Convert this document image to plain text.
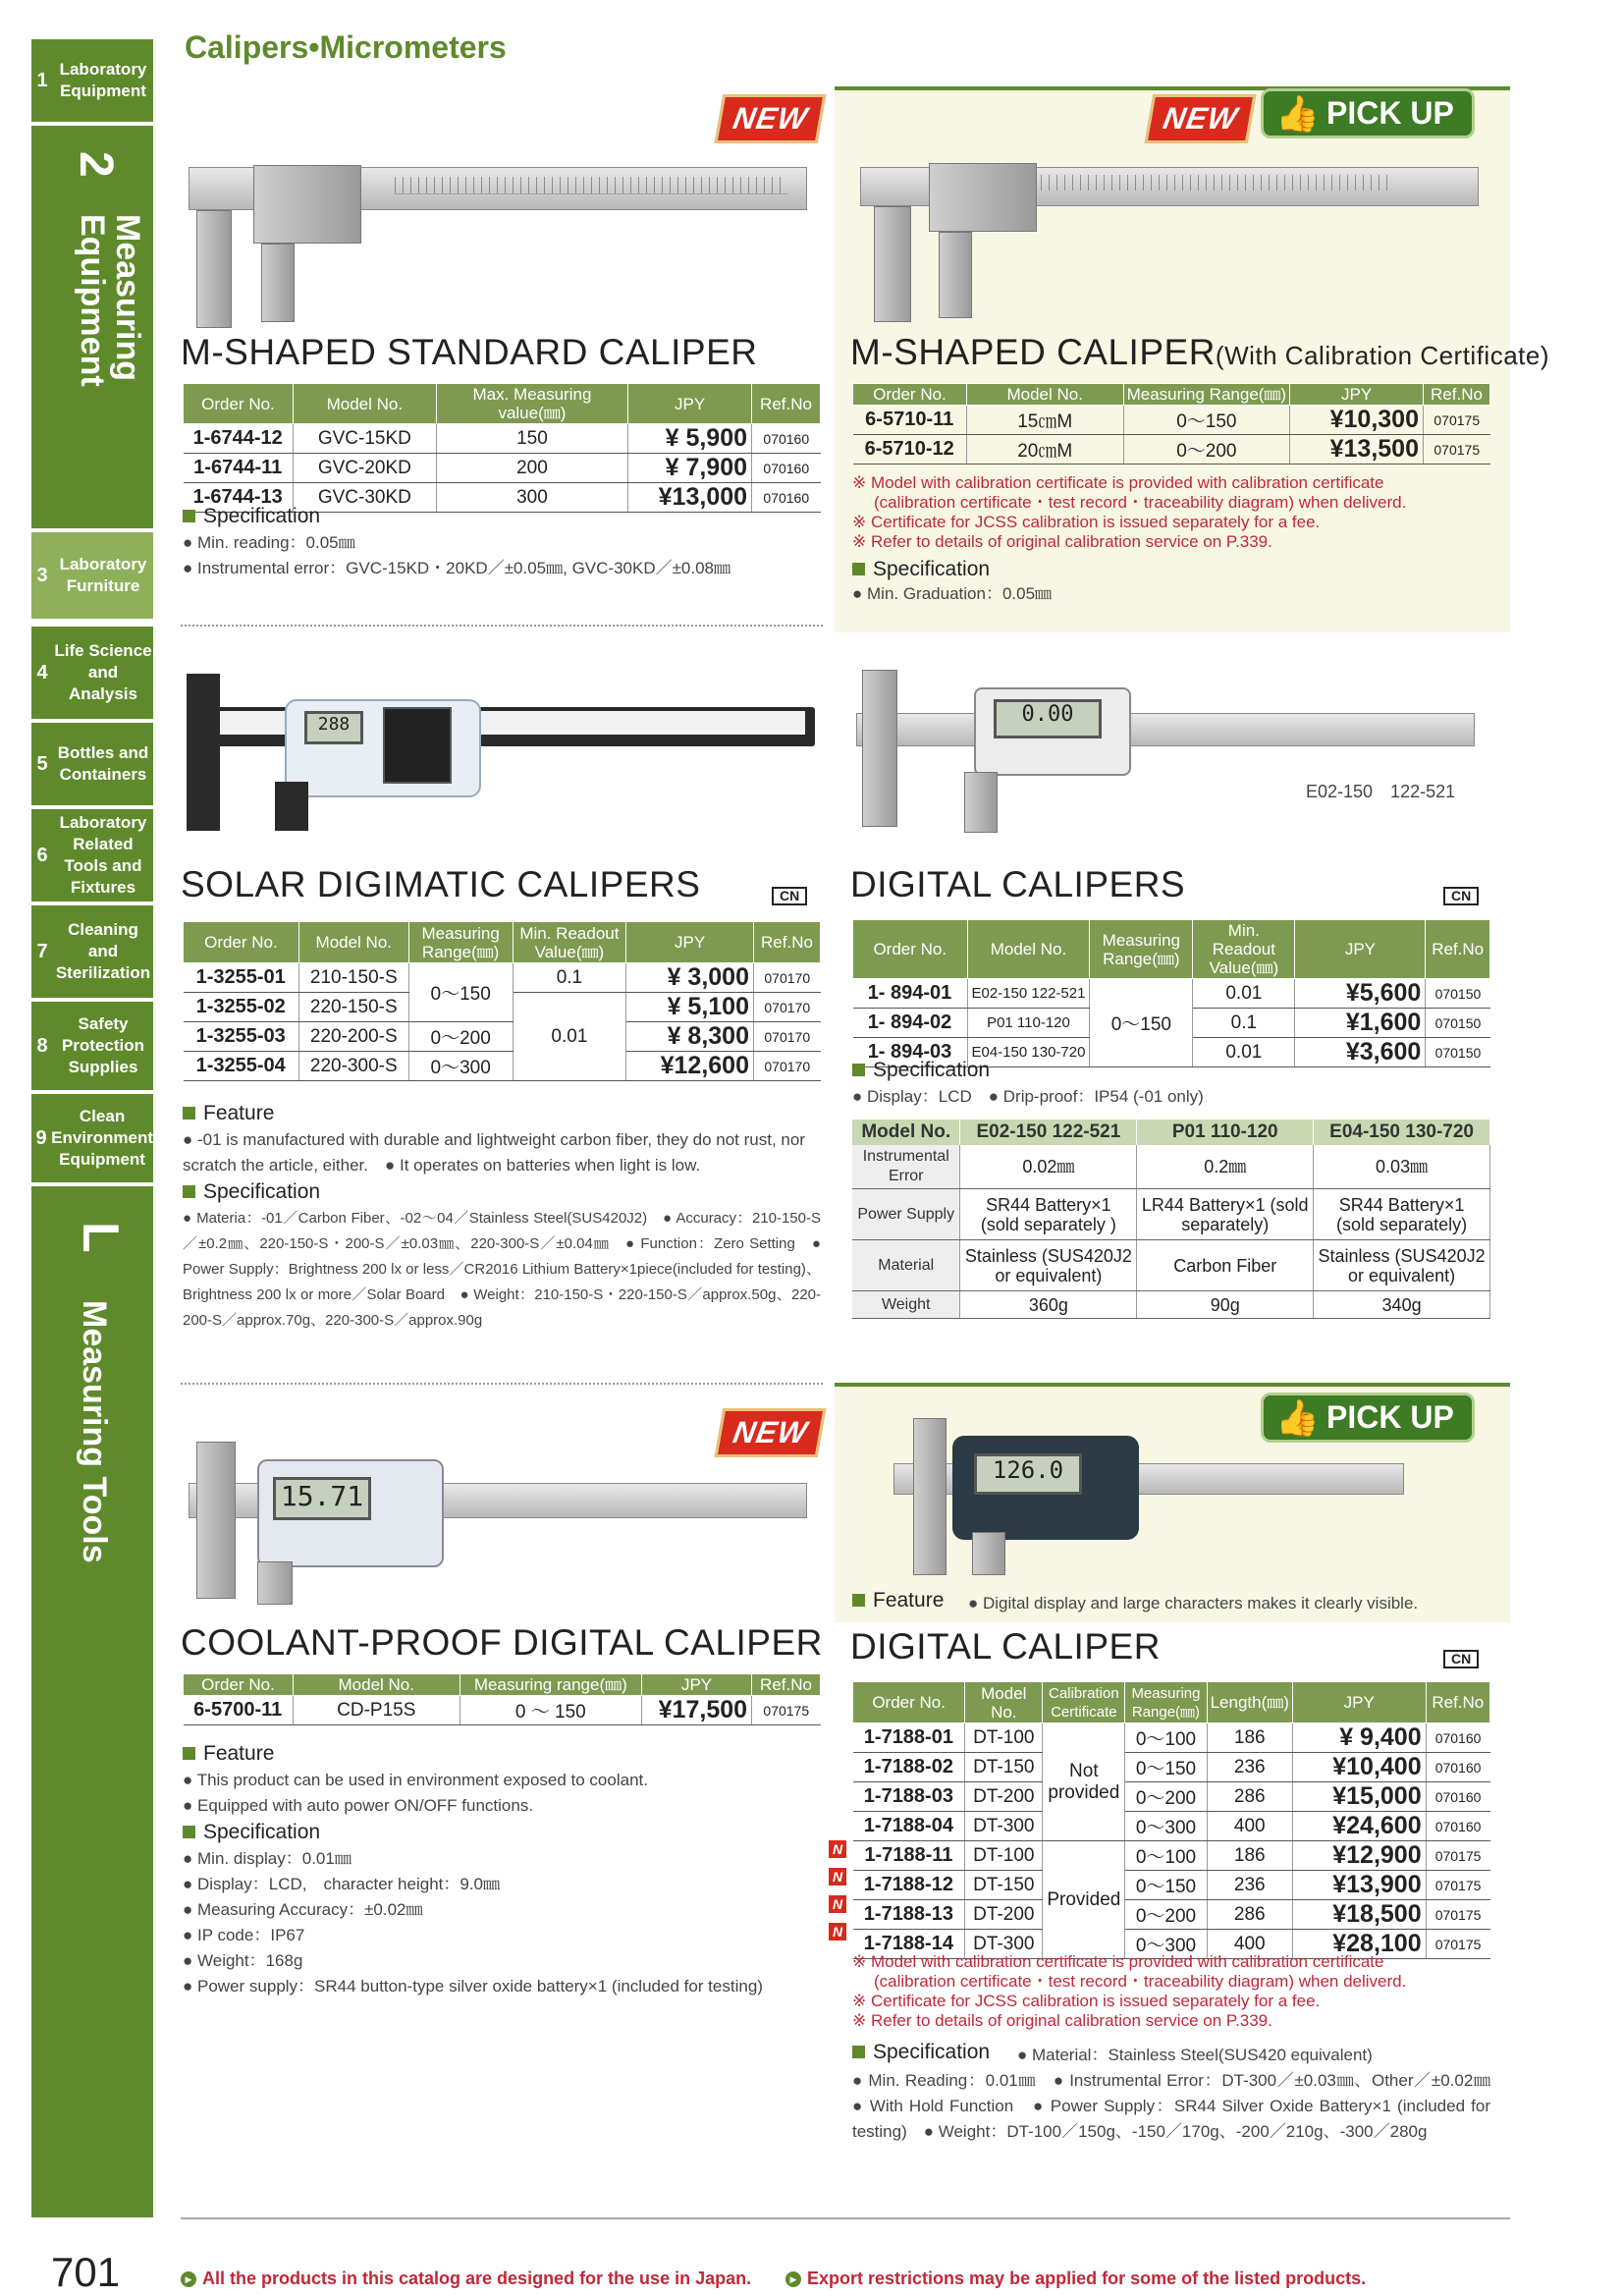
1 Laboratory Equipment
2
Measuring Equipment
3 Laboratory Furniture
4
Life Science and Analysis
5 Bottles and Containers
6
Laboratory Related Tools and Fixtures
7
Cleaning and Sterilization
8
Safety Protection Supplies
9
Clean Environment Equipment
L
Measuring Tools
Calipers•Micrometers
NEW
M-SHAPED STANDARD CALIPER
Order No.	Model No.	Max. Measuring value(㎜)	JPY	Ref.No
1-6744-12	GVC-15KD	150	¥ 5,900	070160
1-6744-11	GVC-20KD	200	¥ 7,900	070160
1-6744-13	GVC-30KD	300	¥13,000	070160
Specification
● Min. reading：0.05㎜
● Instrumental error：GVC-15KD・20KD／±0.05㎜, GVC-30KD／±0.08㎜
NEW 👍 PICK UP
M-SHAPED CALIPER(With Calibration Certificate)
Order No.	Model No.	Measuring Range(㎜)	JPY	Ref.No
6-5710-11	15㎝M	0～150	¥10,300	070175
6-5710-12	20㎝M	0～200	¥13,500	070175
※ Model with calibration certificate is provided with calibration certificate
(calibration certificate・test record・traceability diagram) when deliverd.
※ Certificate for JCSS calibration is issued separately for a fee.
※ Refer to details of original calibration service on P.339.
Specification
● Min. Graduation：0.05㎜
288
SOLAR DIGIMATIC CALIPERS	CN
Order No.	Model No.	Measuring Range(㎜)	Min. Readout Value(㎜)	JPY	Ref.No
1-3255-01	210-150-S	0～150	0.1	¥ 3,000	070170
1-3255-02	220-150-S		0.01	¥ 5,100	070170
1-3255-03	220-200-S	0～200		¥ 8,300	070170
1-3255-04	220-300-S	0～300		¥12,600	070170
Feature
● -01 is manufactured with durable and lightweight carbon fiber, they do not rust, nor scratch the article, either.　● It operates on batteries when light is low.
Specification
● Materia：-01／Carbon Fiber、-02～04／Stainless Steel(SUS420J2)　● Accuracy：210-150-S／±0.2㎜、220-150-S・200-S／±0.03㎜、220-300-S／±0.04㎜　● Function：Zero Setting　● Power Supply：Brightness 200 lx or less／CR2016 Lithium Battery×1piece(included for testing)、Brightness 200 lx or more／Solar Board　● Weight：210-150-S・220-150-S／approx.50g、220-200-S／approx.70g、220-300-S／approx.90g
0.00
E02-150　122-521
DIGITAL CALIPERS	CN
Order No.	Model No.	Measuring Range(㎜)	Min. Readout Value(㎜)	JPY	Ref.No
1- 894-01	E02-150 122-521	0～150	0.01	¥5,600	070150
1- 894-02	P01 110-120		0.1	¥1,600	070150
1- 894-03	E04-150 130-720		0.01	¥3,600	070150
Specification
● Display：LCD　● Drip-proof：IP54 (-01 only)
Model No.	E02-150 122-521	P01 110-120	E04-150 130-720
Instrumental Error	0.02㎜	0.2㎜	0.03㎜
Power Supply	SR44 Battery×1 (sold separately )	LR44 Battery×1 (sold separately)	SR44 Battery×1 (sold separately)
Material	Stainless (SUS420J2 or equivalent)	Carbon Fiber	Stainless (SUS420J2 or equivalent)
Weight	360g	90g	340g
NEW
15.71
COOLANT-PROOF DIGITAL CALIPER
Order No.	Model No.	Measuring range(㎜)	JPY	Ref.No
6-5700-11	CD-P15S	0 ～ 150	¥17,500	070175
Feature
● This product can be used in environment exposed to coolant.
● Equipped with auto power ON/OFF functions.
Specification
● Min. display：0.01㎜
● Display：LCD,　character height：9.0㎜
● Measuring Accuracy：±0.02㎜
● IP code：IP67
● Weight：168g
● Power supply：SR44 button-type silver oxide battery×1 (included for testing)
👍 PICK UP
126.0
Feature ● Digital display and large characters makes it clearly visible.
DIGITAL CALIPER	CN
Order No.	Model No.	Calibration Certificate	Measuring Range(㎜)	Length(㎜)	JPY	Ref.No
1-7188-01	DT-100	Not provided	0～100	186	¥ 9,400	070160
1-7188-02	DT-150		0～150	236	¥10,400	070160
1-7188-03	DT-200		0～200	286	¥15,000	070160
1-7188-04	DT-300		0～300	400	¥24,600	070160
1-7188-11	DT-100	Provided	0～100	186	¥12,900	070175
1-7188-12	DT-150		0～150	236	¥13,900	070175
1-7188-13	DT-200		0～200	286	¥18,500	070175
1-7188-14	DT-300		0～300	400	¥28,100	070175
N
N
N
N
※ Model with calibration certificate is provided with calibration certificate
(calibration certificate・test record・traceability diagram) when deliverd.
※ Certificate for JCSS calibration is issued separately for a fee.
※ Refer to details of original calibration service on P.339.
Specification ● Material：Stainless Steel(SUS420 equivalent)
● Min. Reading：0.01㎜　● Instrumental Error：DT-300／±0.03㎜、Other／±0.02㎜　● With Hold Function　● Power Supply：SR44 Silver Oxide Battery×1 (included for testing)　● Weight：DT-100／150g、-150／170g、-200／210g、-300／280g
701	▶ All the products in this catalog are designed for the use in Japan.	▶ Export restrictions may be applied for some of the listed products.
